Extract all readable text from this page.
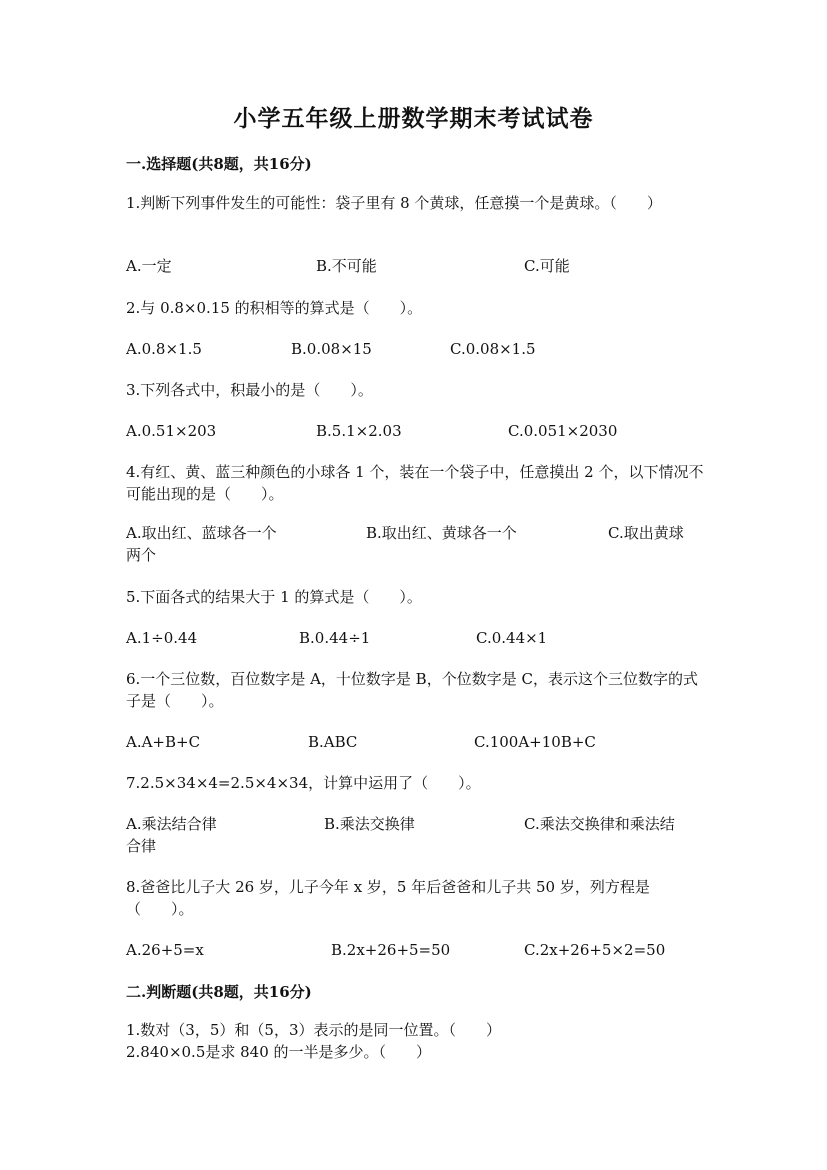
小学五年级上册数学期末考试试卷
一.选择题(共8题，共16分)
1.判断下列事件发生的可能性：袋子里有 8 个黄球，任意摸一个是黄球。（　　）
A.一定	B.不可能	C.可能
2.与 0.8×0.15 的积相等的算式是（　　）。
A.0.8×1.5	B.0.08×15	C.0.08×1.5
3.下列各式中，积最小的是（　　）。
A.0.51×203	B.5.1×2.03	C.0.051×2030
4.有红、黄、蓝三种颜色的小球各 1 个，装在一个袋子中，任意摸出 2 个，以下情况不可能出现的是（　　）。
A.取出红、蓝球各一个	B.取出红、黄球各一个	C.取出黄球
两个
5.下面各式的结果大于 1 的算式是（　　）。
A.1÷0.44	B.0.44÷1	C.0.44×1
6.一个三位数，百位数字是 A，十位数字是 B，个位数字是 C，表示这个三位数字的式子是（　　）。
A.A+B+C	B.ABC	C.100A+10B+C
7.2.5×34×4=2.5×4×34，计算中运用了（　　）。
A.乘法结合律	B.乘法交换律	C.乘法交换律和乘法结
合律
8.爸爸比儿子大 26 岁，儿子今年 x 岁，5 年后爸爸和儿子共 50 岁，列方程是（　　）。
A.26+5=x	B.2x+26+5=50	C.2x+26+5×2=50
二.判断题(共8题，共16分)
1.数对（3，5）和（5，3）表示的是同一位置。（　　）
2.840×0.5是求 840 的一半是多少。（　　）
